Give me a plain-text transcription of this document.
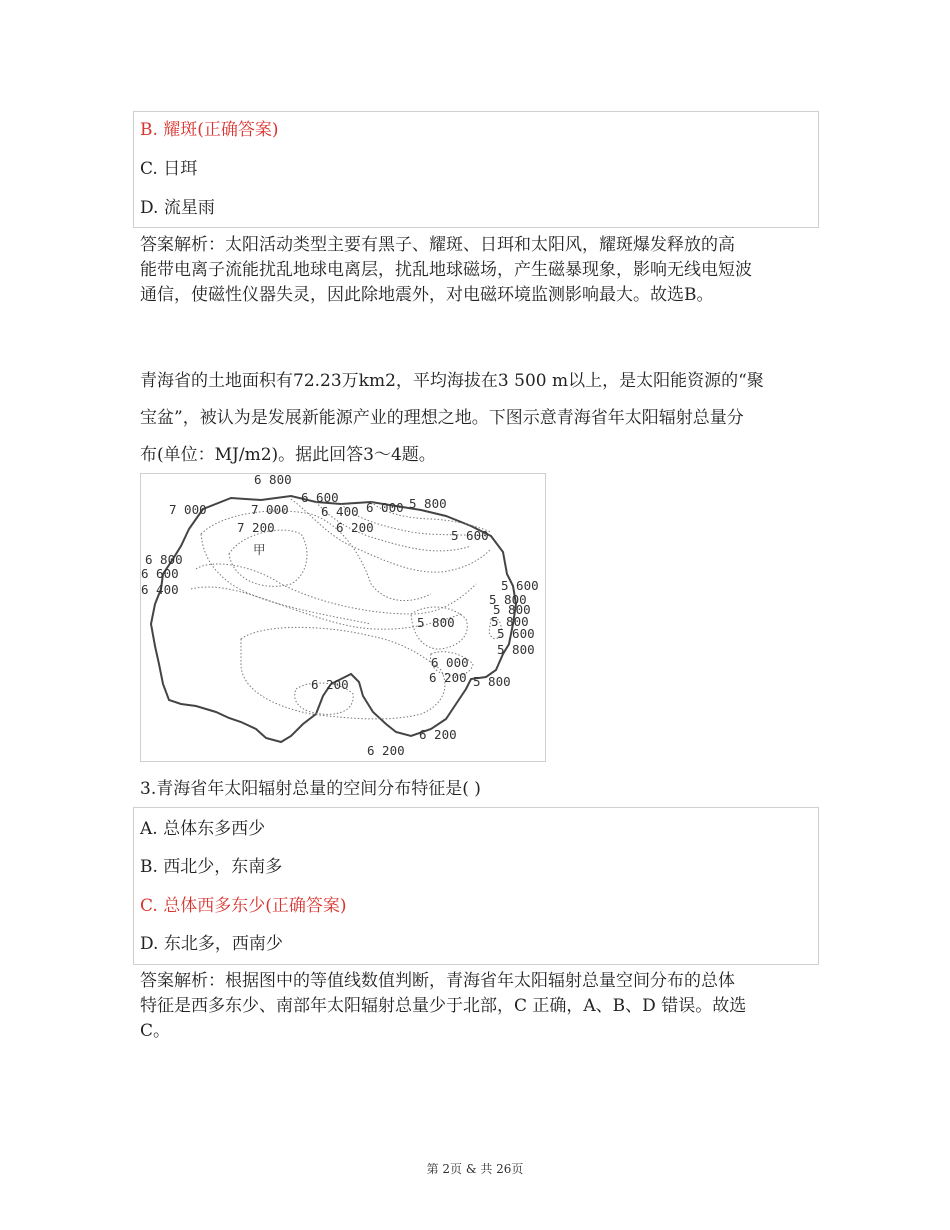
B. 耀斑(正确答案)
C. 日珥
D. 流星雨
答案解析：太阳活动类型主要有黑子、耀斑、日珥和太阳风，耀斑爆发释放的高
能带电离子流能扰乱地球电离层，扰乱地球磁场，产生磁暴现象，影响无线电短波
通信，使磁性仪器失灵，因此除地震外，对电磁环境监测影响最大。故选B。
青海省的土地面积有72.23万km2，平均海拔在3 500 m以上，是太阳能资源的“聚
宝盆”，被认为是发展新能源产业的理想之地。下图示意青海省年太阳辐射总量分
布(单位：MJ/m2)。据此回答3～4题。
6 800
7 000	7 000
6 600
6 400 6 000 5 800
7 200	6 200
5 600
6 800
6 600
6 400	5 600
5 800
5 800
5 800
5 600
5 800
5 800
6 000
6 200 5 800
6 200
6 200
6 200
甲
3.青海省年太阳辐射总量的空间分布特征是( )
A. 总体东多西少
B. 西北少，东南多
C. 总体西多东少(正确答案)
D. 东北多，西南少
答案解析：根据图中的等值线数值判断，青海省年太阳辐射总量空间分布的总体
特征是西多东少、南部年太阳辐射总量少于北部，C 正确，A、B、D 错误。故选
C。
第 2页 & 共 26页
